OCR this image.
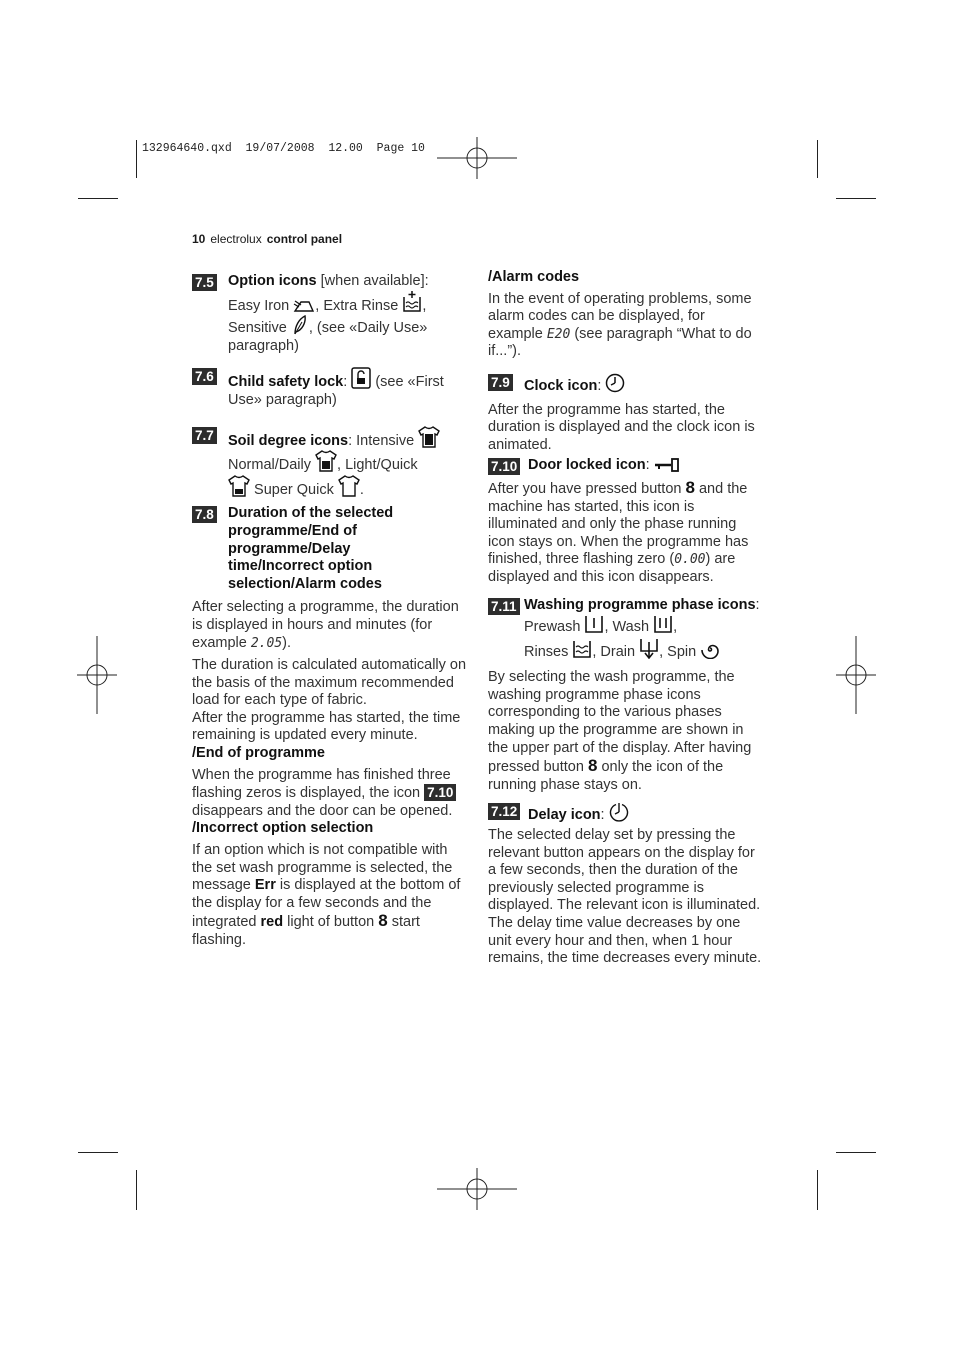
132964640.qxd  19/07/2008  12.00  Page 10
10 electrolux control panel
7.5 Option icons [when available]:
Easy Iron , Extra Rinse ,
Sensitive , (see «Daily Use»
paragraph)

7.6 Child safety lock:  (see «First
Use» paragraph)

7.7 Soil degree icons: Intensive
Normal/Daily , Light/Quick
Super Quick .

7.8 Duration of the selected programme/End of programme/Delay time/Incorrect option selection/Alarm codes

After selecting a programme, the duration is displayed in hours and minutes (for example 2.05).

The duration is calculated automatically on the basis of the maximum recommended load for each type of fabric.

After the programme has started, the time remaining is updated every minute.

/End of programme

When the programme has finished three flashing zeros is displayed, the icon 7.10 disappears and the door can be opened.

/Incorrect option selection

If an option which is not compatible with the set wash programme is selected, the message Err is displayed at the bottom of the display for a few seconds and the integrated red light of button 8 start flashing.

/Alarm codes

In the event of operating problems, some alarm codes can be displayed, for example E20 (see paragraph “What to do if...”).

7.9 Clock icon:

After the programme has started, the duration is displayed and the clock icon is animated.

7.10 Door locked icon:

After you have pressed button 8 and the machine has started, this icon is illuminated and only the phase running icon stays on. When the programme has finished, three flashing zero (0.00) are displayed and this icon disappears.

7.11 Washing programme phase icons: Prewash , Wash ,
Rinses , Drain , Spin

By selecting the wash programme, the washing programme phase icons corresponding to the various phases making up the programme are shown in the upper part of the display. After having pressed button 8 only the icon of the running phase stays on.

7.12 Delay icon:

The selected delay set by pressing the relevant button appears on the display for a few seconds, then the duration of the previously selected programme is displayed. The relevant icon is illuminated.

The delay time value decreases by one unit every hour and then, when 1 hour remains, the time decreases every minute.
